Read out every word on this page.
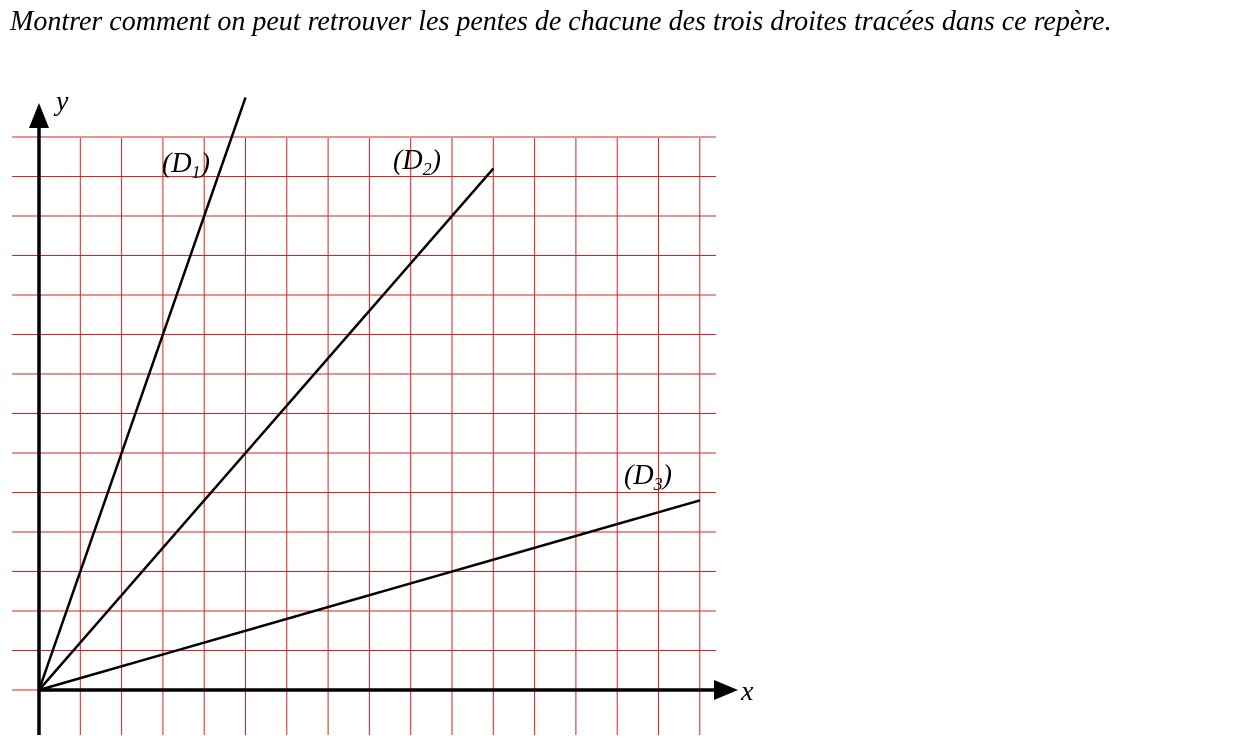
Montrer comment on peut retrouver les pentes de chacune des trois droites tracées dans ce repère.

y
x
$(D_1)$	$(D_2)$
$(D_3)$
